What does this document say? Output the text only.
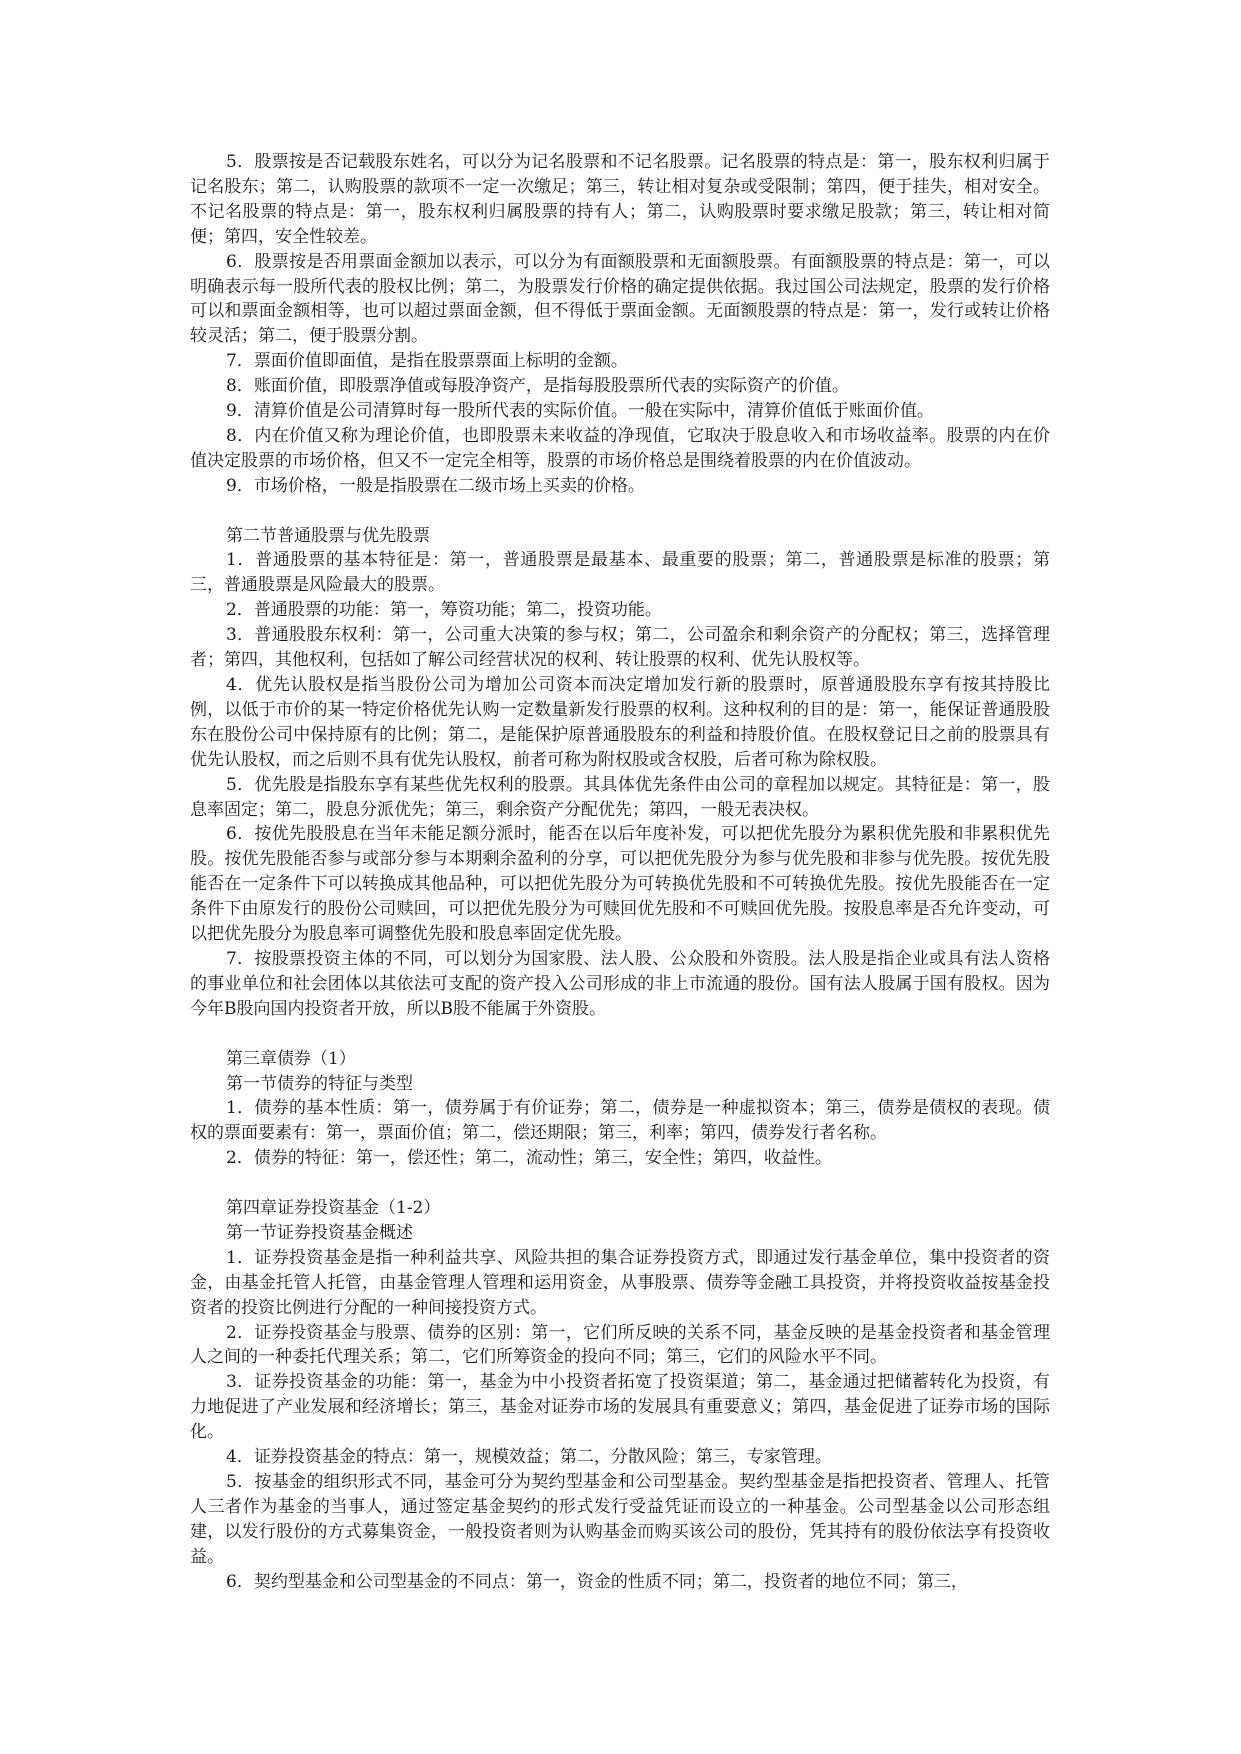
5．股票按是否记载股东姓名，可以分为记名股票和不记名股票。记名股票的特点是：第一，股东权利归属于记名股东；第二，认购股票的款项不一定一次缴足；第三，转让相对复杂或受限制；第四，便于挂失，相对安全。不记名股票的特点是：第一，股东权利归属股票的持有人；第二，认购股票时要求缴足股款；第三，转让相对简便；第四，安全性较差。

6．股票按是否用票面金额加以表示，可以分为有面额股票和无面额股票。有面额股票的特点是：第一，可以明确表示每一股所代表的股权比例；第二，为股票发行价格的确定提供依据。我过国公司法规定，股票的发行价格可以和票面金额相等，也可以超过票面金额，但不得低于票面金额。无面额股票的特点是：第一，发行或转让价格较灵活；第二，便于股票分割。

7．票面价值即面值，是指在股票票面上标明的金额。

8．账面价值，即股票净值或每股净资产，是指每股股票所代表的实际资产的价值。

9．清算价值是公司清算时每一股所代表的实际价值。一般在实际中，清算价值低于账面价值。

8．内在价值又称为理论价值，也即股票未来收益的净现值，它取决于股息收入和市场收益率。股票的内在价值决定股票的市场价格，但又不一定完全相等，股票的市场价格总是围绕着股票的内在价值波动。

9．市场价格，一般是指股票在二级市场上买卖的价格。

第二节普通股票与优先股票

1．普通股票的基本特征是：第一，普通股票是最基本、最重要的股票；第二，普通股票是标准的股票；第三，普通股票是风险最大的股票。

2．普通股票的功能：第一，筹资功能；第二，投资功能。

3．普通股股东权利：第一，公司重大决策的参与权；第二，公司盈余和剩余资产的分配权；第三，选择管理者；第四，其他权利，包括如了解公司经营状况的权利、转让股票的权利、优先认股权等。

4．优先认股权是指当股份公司为增加公司资本而决定增加发行新的股票时，原普通股股东享有按其持股比例，以低于市价的某一特定价格优先认购一定数量新发行股票的权利。这种权利的目的是：第一，能保证普通股股东在股份公司中保持原有的比例；第二，是能保护原普通股股东的利益和持股价值。在股权登记日之前的股票具有优先认股权，而之后则不具有优先认股权，前者可称为附权股或含权股，后者可称为除权股。

5．优先股是指股东享有某些优先权利的股票。其具体优先条件由公司的章程加以规定。其特征是：第一，股息率固定；第二，股息分派优先；第三，剩余资产分配优先；第四，一般无表决权。

6．按优先股股息在当年未能足额分派时，能否在以后年度补发，可以把优先股分为累积优先股和非累积优先股。按优先股能否参与或部分参与本期剩余盈利的分享，可以把优先股分为参与优先股和非参与优先股。按优先股能否在一定条件下可以转换成其他品种，可以把优先股分为可转换优先股和不可转换优先股。按优先股能否在一定条件下由原发行的股份公司赎回，可以把优先股分为可赎回优先股和不可赎回优先股。按股息率是否允许变动，可以把优先股分为股息率可调整优先股和股息率固定优先股。

7．按股票投资主体的不同，可以划分为国家股、法人股、公众股和外资股。法人股是指企业或具有法人资格的事业单位和社会团体以其依法可支配的资产投入公司形成的非上市流通的股份。国有法人股属于国有股权。因为今年B股向国内投资者开放，所以B股不能属于外资股。

第三章债券（1）

第一节债券的特征与类型

1．债券的基本性质：第一，债券属于有价证券；第二，债券是一种虚拟资本；第三，债券是债权的表现。债权的票面要素有：第一，票面价值；第二，偿还期限；第三，利率；第四，债券发行者名称。

2．债券的特征：第一，偿还性；第二，流动性；第三，安全性；第四，收益性。

第四章证券投资基金（1-2）

第一节证券投资基金概述

1．证券投资基金是指一种利益共享、风险共担的集合证券投资方式，即通过发行基金单位，集中投资者的资金，由基金托管人托管，由基金管理人管理和运用资金，从事股票、债券等金融工具投资，并将投资收益按基金投资者的投资比例进行分配的一种间接投资方式。

2．证券投资基金与股票、债券的区别：第一，它们所反映的关系不同，基金反映的是基金投资者和基金管理人之间的一种委托代理关系；第二，它们所筹资金的投向不同；第三，它们的风险水平不同。

3．证券投资基金的功能：第一，基金为中小投资者拓宽了投资渠道；第二，基金通过把储蓄转化为投资，有力地促进了产业发展和经济增长；第三，基金对证券市场的发展具有重要意义；第四，基金促进了证券市场的国际化。

4．证券投资基金的特点：第一，规模效益；第二，分散风险；第三，专家管理。

5．按基金的组织形式不同，基金可分为契约型基金和公司型基金。契约型基金是指把投资者、管理人、托管人三者作为基金的当事人，通过签定基金契约的形式发行受益凭证而设立的一种基金。公司型基金以公司形态组建，以发行股份的方式募集资金，一般投资者则为认购基金而购买该公司的股份，凭其持有的股份依法享有投资收益。

6．契约型基金和公司型基金的不同点：第一，资金的性质不同；第二，投资者的地位不同；第三，
